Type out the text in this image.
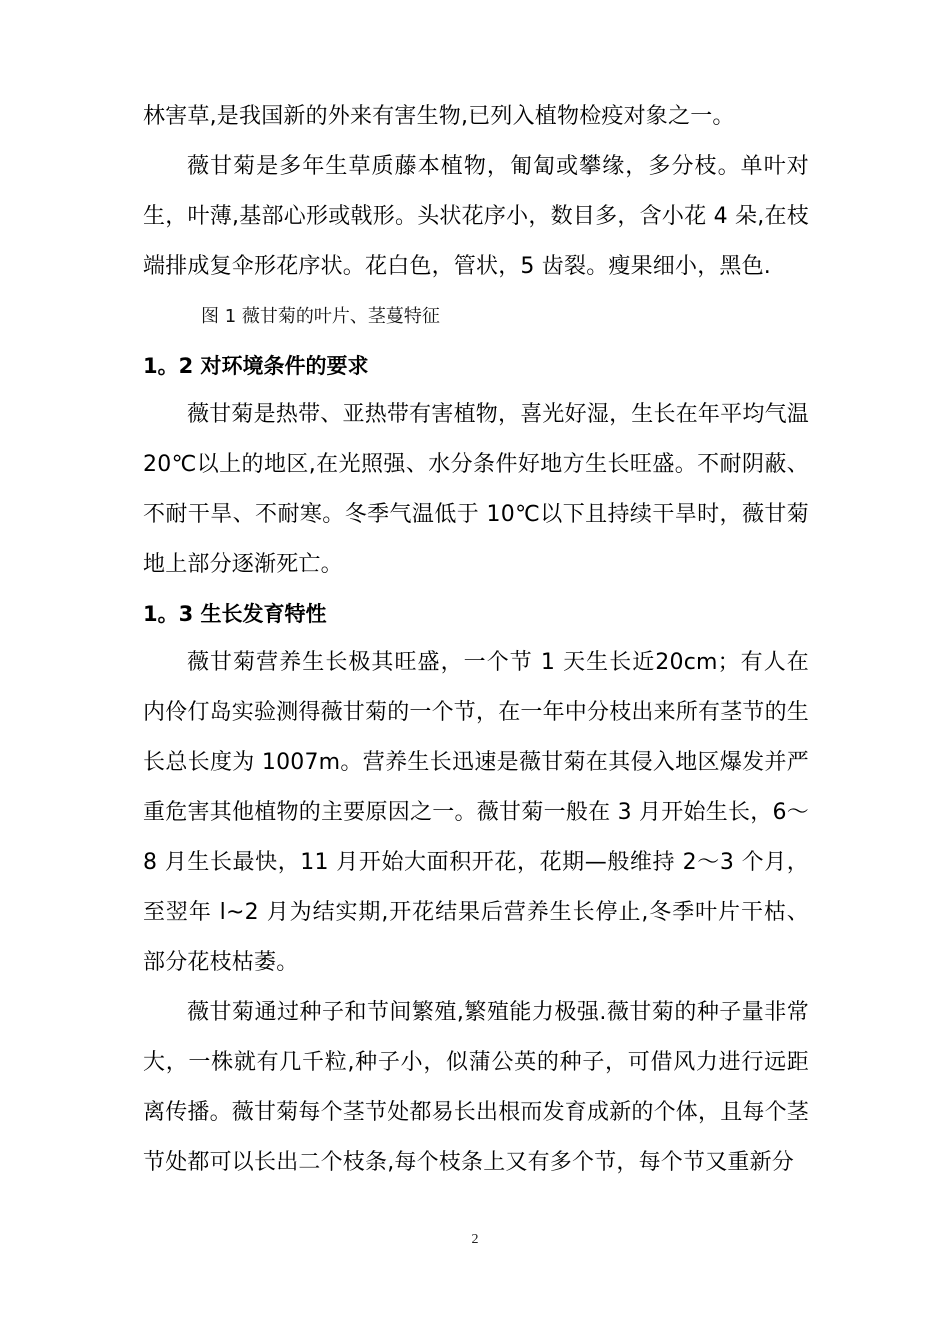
林害草,是我国新的外来有害生物,已列入植物检疫对象之一。

薇甘菊是多年生草质藤本植物，匍匐或攀缘，多分枝。单叶对生，叶薄,基部心形或戟形。头状花序小，数目多，含小花 4 朵,在枝端排成复伞形花序状。花白色，管状，5 齿裂。瘦果细小，黑色.

图 1 薇甘菊的叶片、茎蔓特征

1。2 对环境条件的要求

薇甘菊是热带、亚热带有害植物，喜光好湿，生长在年平均气温 20℃以上的地区,在光照强、水分条件好地方生长旺盛。不耐阴蔽、不耐干旱、不耐寒。冬季气温低于 10℃以下且持续干旱时，薇甘菊地上部分逐渐死亡。

1。3 生长发育特性

薇甘菊营养生长极其旺盛，一个节 1 天生长近20cm；有人在内伶仃岛实验测得薇甘菊的一个节，在一年中分枝出来所有茎节的生长总长度为 1007m。营养生长迅速是薇甘菊在其侵入地区爆发并严重危害其他植物的主要原因之一。薇甘菊一般在 3 月开始生长，6～8 月生长最快，11 月开始大面积开花，花期—般维持 2～3 个月，至翌年 l~2 月为结实期,开花结果后营养生长停止,冬季叶片干枯、部分花枝枯萎。

薇甘菊通过种子和节间繁殖,繁殖能力极强.薇甘菊的种子量非常大，一株就有几千粒,种子小，似蒲公英的种子，可借风力进行远距离传播。薇甘菊每个茎节处都易长出根而发育成新的个体，且每个茎节处都可以长出二个枝条,每个枝条上又有多个节，每个节又重新分

2
